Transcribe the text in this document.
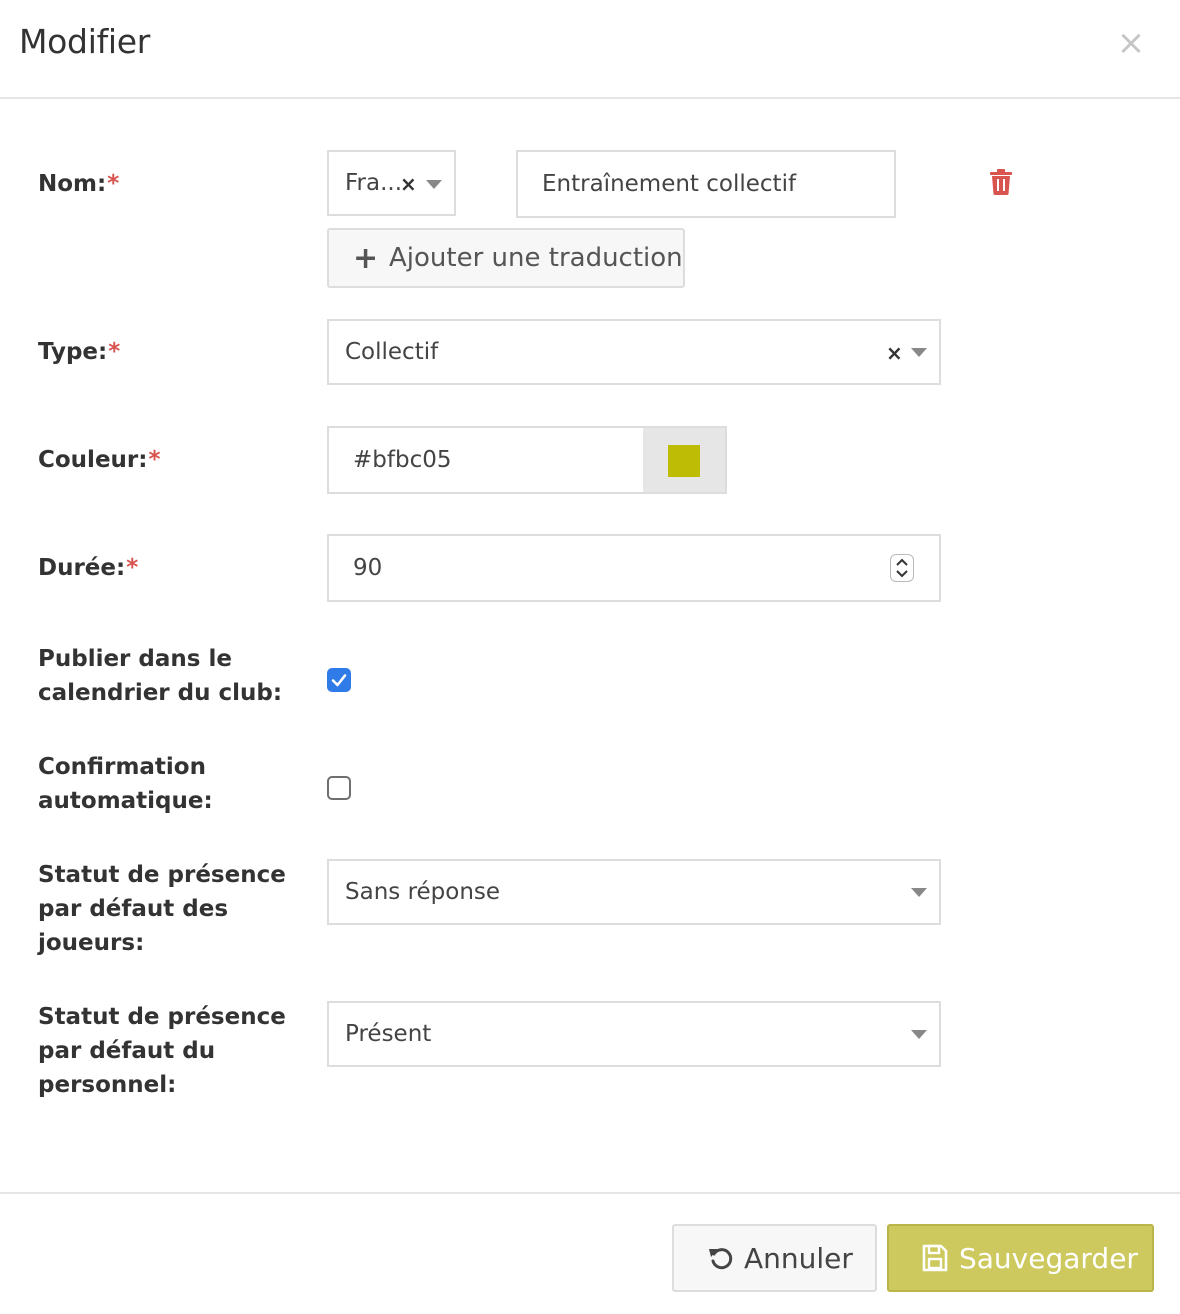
Modifier	×
Nom:*	Fra...
×	Entraînement collectif
+ Ajouter une traduction
Type:*	Collectif	×
Couleur:*	#bfbc05
Durée:*	90
Publier dans le
calendrier du club:
Confirmation
automatique:
Statut de présence
par défaut des
joueurs:
Sans réponse
Statut de présence
par défaut du
personnel:
Présent
Annuler	Sauvegarder
